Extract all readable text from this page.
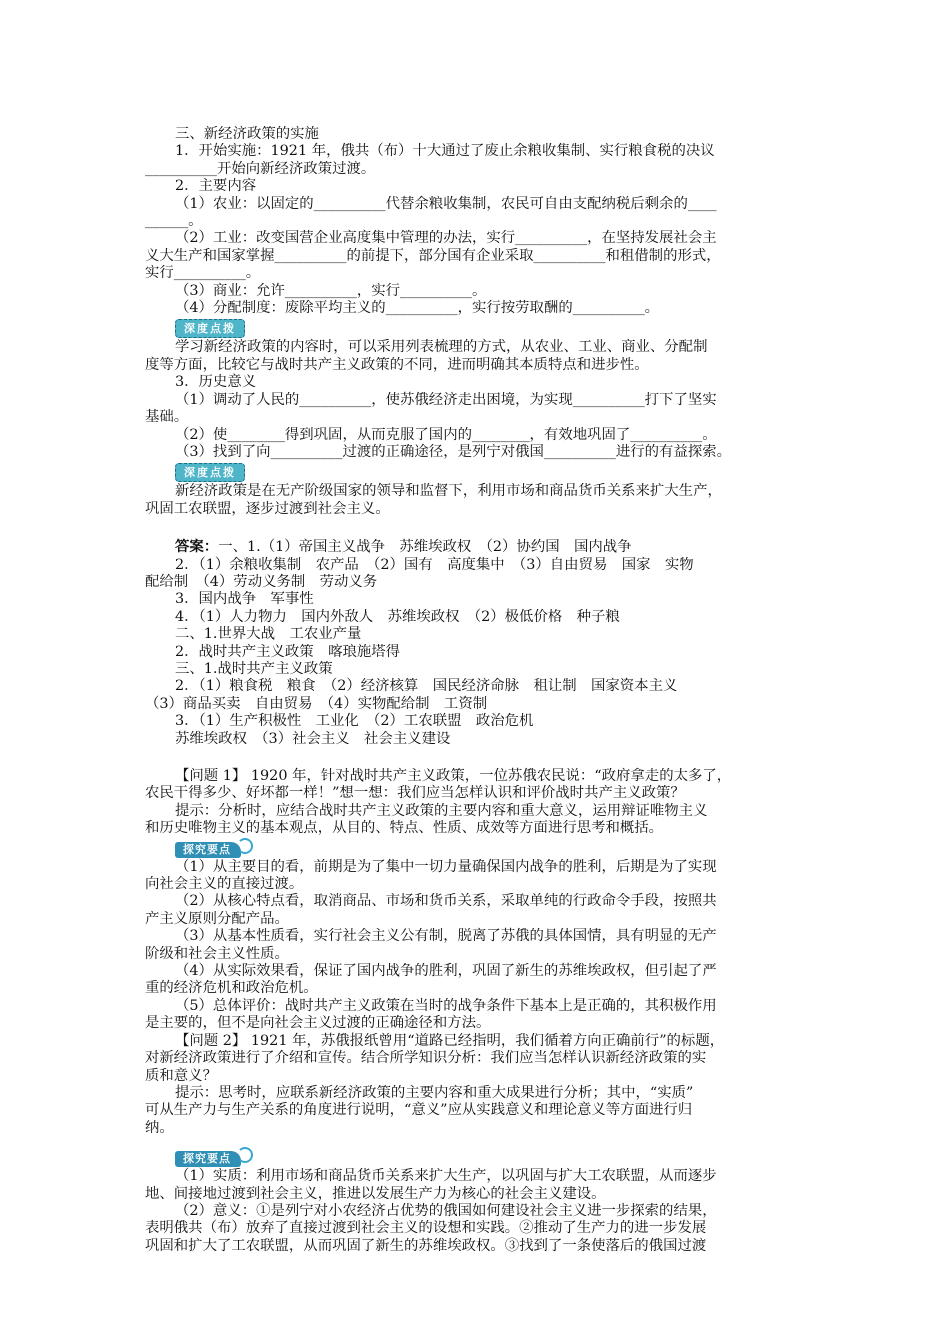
三、新经济政策的实施

1．开始实施：1921 年，俄共（布）十大通过了废止余粮收集制、实行粮食税的决议

__________开始向新经济政策过渡。

2．主要内容

（1）农业：以固定的__________代替余粮收集制，农民可自由支配纳税后剩余的____

______。

（2）工业：改变国营企业高度集中管理的办法，实行__________，在坚持发展社会主

义大生产和国家掌握__________的前提下，部分国有企业采取__________和租借制的形式，

实行__________。

（3）商业：允许__________，实行__________。

（4）分配制度：废除平均主义的__________，实行按劳取酬的__________。

深度点拨

学习新经济政策的内容时，可以采用列表梳理的方式，从农业、工业、商业、分配制

度等方面，比较它与战时共产主义政策的不同，进而明确其本质特点和进步性。

3．历史意义

（1）调动了人民的__________，使苏俄经济走出困境，为实现__________打下了坚实

基础。

（2）使________得到巩固，从而克服了国内的________，有效地巩固了__________。

（3）找到了向__________过渡的正确途径，是列宁对俄国__________进行的有益探索。

深度点拨

新经济政策是在无产阶级国家的领导和监督下，利用市场和商品货币关系来扩大生产，

巩固工农联盟，逐步过渡到社会主义。

答案：一、1.（1）帝国主义战争　苏维埃政权　（2）协约国　国内战争

2．（1）余粮收集制　农产品　（2）国有　高度集中　（3）自由贸易　国家　实物

配给制　（4）劳动义务制　劳动义务

3．国内战争　军事性

4．（1）人力物力　国内外敌人　苏维埃政权　（2）极低价格　种子粮

二、1.世界大战　工农业产量

2．战时共产主义政策　喀琅施塔得

三、1.战时共产主义政策

2．（1）粮食税　粮食　（2）经济核算　国民经济命脉　租让制　国家资本主义

（3）商品买卖　自由贸易　（4）实物配给制　工资制

3．（1）生产积极性　工业化　（2）工农联盟　政治危机

苏维埃政权　（3）社会主义　社会主义建设

【问题 1】 1920 年，针对战时共产主义政策，一位苏俄农民说：“政府拿走的太多了，

农民干得多少、好坏都一样！”想一想：我们应当怎样认识和评价战时共产主义政策？

提示：分析时，应结合战时共产主义政策的主要内容和重大意义，运用辩证唯物主义

和历史唯物主义的基本观点，从目的、特点、性质、成效等方面进行思考和概括。

探究要点

（1）从主要目的看，前期是为了集中一切力量确保国内战争的胜利，后期是为了实现

向社会主义的直接过渡。

（2）从核心特点看，取消商品、市场和货币关系，采取单纯的行政命令手段，按照共

产主义原则分配产品。

（3）从基本性质看，实行社会主义公有制，脱离了苏俄的具体国情，具有明显的无产

阶级和社会主义性质。

（4）从实际效果看，保证了国内战争的胜利，巩固了新生的苏维埃政权，但引起了严

重的经济危机和政治危机。

（5）总体评价：战时共产主义政策在当时的战争条件下基本上是正确的，其积极作用

是主要的，但不是向社会主义过渡的正确途径和方法。

【问题 2】 1921 年，苏俄报纸曾用“道路已经指明，我们循着方向正确前行”的标题，

对新经济政策进行了介绍和宣传。结合所学知识分析：我们应当怎样认识新经济政策的实

质和意义？

提示：思考时，应联系新经济政策的主要内容和重大成果进行分析；其中，“实质”

可从生产力与生产关系的角度进行说明，“意义”应从实践意义和理论意义等方面进行归

纳。

探究要点

（1）实质：利用市场和商品货币关系来扩大生产，以巩固与扩大工农联盟，从而逐步

地、间接地过渡到社会主义，推进以发展生产力为核心的社会主义建设。

（2）意义：①是列宁对小农经济占优势的俄国如何建设社会主义进一步探索的结果，

表明俄共（布）放弃了直接过渡到社会主义的设想和实践。②推动了生产力的进一步发展

巩固和扩大了工农联盟，从而巩固了新生的苏维埃政权。③找到了一条使落后的俄国过渡
